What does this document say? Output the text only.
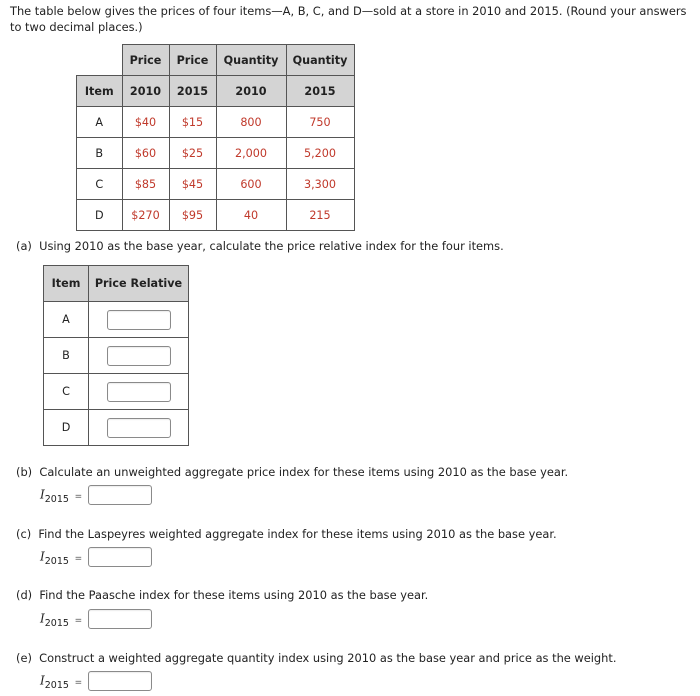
The table below gives the prices of four items—A, B, C, and D—sold at a store in 2010 and 2015. (Round your answers to two decimal places.)
	Price	Price	Quantity	Quantity
Item	2010	2015	2010	2015
A	$40	$15	800	750
B	$60	$25	2,000	5,200
C	$85	$45	600	3,300
D	$270	$95	40	215
(a) Using 2010 as the base year, calculate the price relative index for the four items.
Item	Price Relative
A	
B	
C	
D	
(b) Calculate an unweighted aggregate price index for these items using 2010 as the base year.
$I_{2015}$ =
(c) Find the Laspeyres weighted aggregate index for these items using 2010 as the base year.
$I_{2015}$ =
(d) Find the Paasche index for these items using 2010 as the base year.
$I_{2015}$ =
(e) Construct a weighted aggregate quantity index using 2010 as the base year and price as the weight.
$I_{2015}$ =
